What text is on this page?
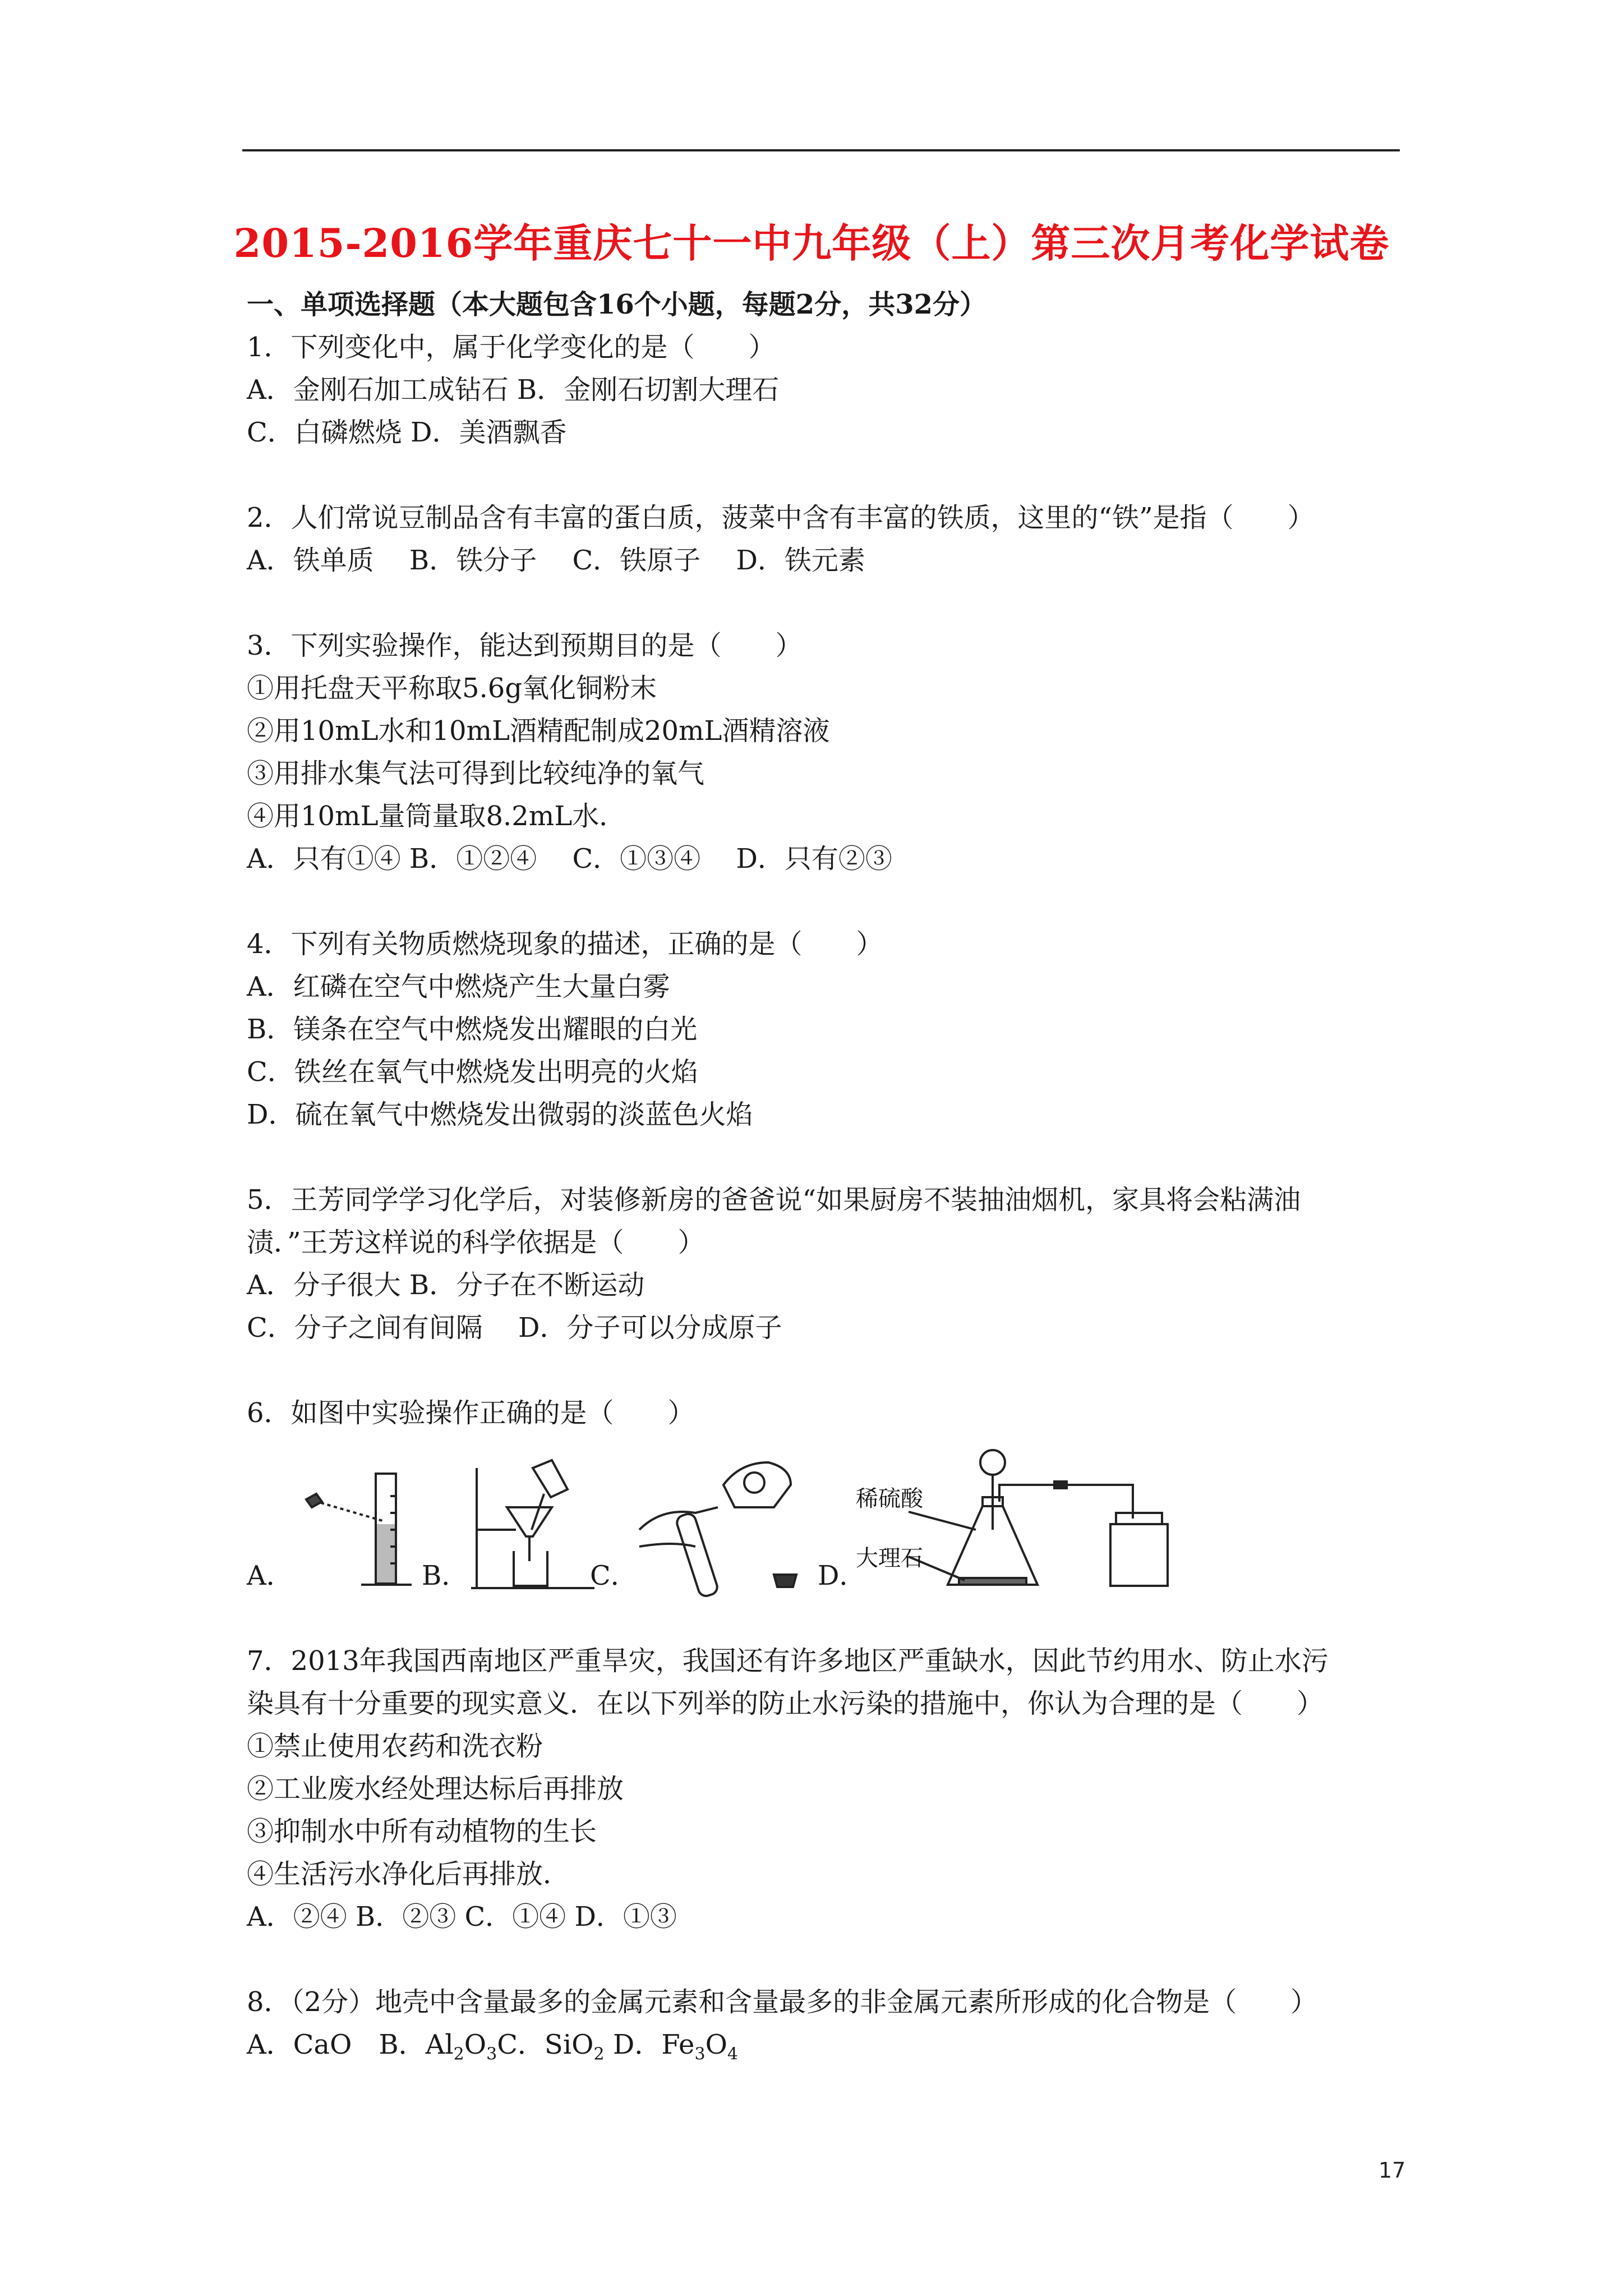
2015-2016学年重庆七十一中九年级（上）第三次月考化学试卷
一、单项选择题（本大题包含16个小题，每题2分，共32分）
1．下列变化中，属于化学变化的是（　　）
A．金刚石加工成钻石 B．金刚石切割大理石
C．白磷燃烧 D．美酒飘香
2．人们常说豆制品含有丰富的蛋白质，菠菜中含有丰富的铁质，这里的“铁”是指（　　）
A．铁单质　 B．铁分子　 C．铁原子　 D．铁元素
3．下列实验操作，能达到预期目的是（　　）
①用托盘天平称取5.6g氧化铜粉末
②用10mL水和10mL酒精配制成20mL酒精溶液
③用排水集气法可得到比较纯净的氧气
④用10mL量筒量取8.2mL水．
A．只有①④ B．①②④　 C．①③④　 D．只有②③
4．下列有关物质燃烧现象的描述，正确的是（　　）
A．红磷在空气中燃烧产生大量白雾
B．镁条在空气中燃烧发出耀眼的白光
C．铁丝在氧气中燃烧发出明亮的火焰
D．硫在氧气中燃烧发出微弱的淡蓝色火焰
5．王芳同学学习化学后，对装修新房的爸爸说“如果厨房不装抽油烟机，家具将会粘满油
渍．”王芳这样说的科学依据是（　　）
A．分子很大 B．分子在不断运动
C．分子之间有间隔　 D．分子可以分成原子
6．如图中实验操作正确的是（　　）
A．	B．	C．	D．
稀硫酸
大理石
7．2013年我国西南地区严重旱灾，我国还有许多地区严重缺水，因此节约用水、防止水污
染具有十分重要的现实意义．在以下列举的防止水污染的措施中，你认为合理的是（　　）
①禁止使用农药和洗衣粉
②工业废水经处理达标后再排放
③抑制水中所有动植物的生长
④生活污水净化后再排放．
A．②④ B．②③ C．①④ D．①③
8．（2分）地壳中含量最多的金属元素和含量最多的非金属元素所形成的化合物是（　　）
A．CaO　B．$Al_2O_3C$．SiO$_2$ D．$Fe_3O_4$
17
